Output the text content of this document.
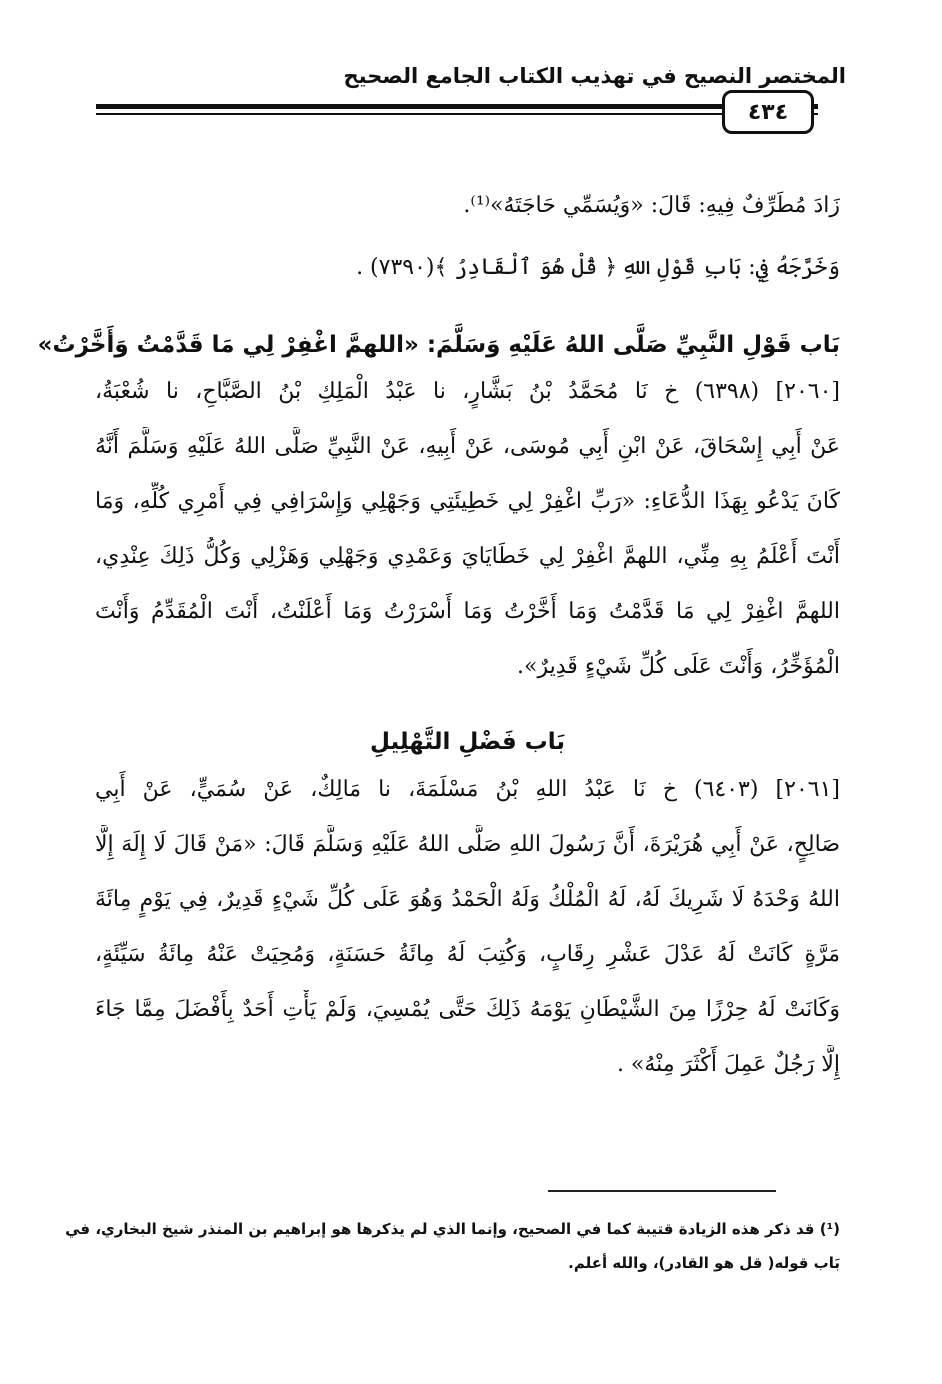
المختصر النصيح في تهذيب الكتاب الجامع الصحيح
٤٣٤
زَادَ مُطَرِّفٌ فِيهِ: قَالَ: «وَيُسَمِّي حَاجَتَهُ»⁽¹⁾.
وَخَرَّجَهُ فِي: بَابِ قَوْلِ اللهِ ﴿ قُلْ هُوَ ٱلْقَادِرُ ﴾(٧٣٩٠) .
بَاب قَوْلِ النَّبِيِّ صَلَّى اللهُ عَلَيْهِ وَسَلَّمَ: «اللهمَّ اغْفِرْ لِي مَا قَدَّمْتُ وَأَخَّرْتُ»
[٢٠٦٠] (٦٣٩٨) خ نَا مُحَمَّدُ بْنُ بَشَّارٍ، نا عَبْدُ الْمَلِكِ بْنُ الصَّبَّاحِ، نا شُعْبَةُ،
عَنْ أَبِي إِسْحَاقَ، عَنْ ابْنِ أَبِي مُوسَى، عَنْ أَبِيهِ، عَنْ النَّبِيِّ صَلَّى اللهُ عَلَيْهِ وَسَلَّمَ أَنَّهُ
كَانَ يَدْعُو بِهَذَا الدُّعَاءِ: «رَبِّ اغْفِرْ لِي خَطِيئَتِي وَجَهْلِي وَإِسْرَافِي فِي أَمْرِي كُلِّهِ، وَمَا
أَنْتَ أَعْلَمُ بِهِ مِنِّي، اللهمَّ اغْفِرْ لِي خَطَايَايَ وَعَمْدِي وَجَهْلِي وَهَزْلِي وَكُلُّ ذَلِكَ عِنْدِي،
اللهمَّ اغْفِرْ لِي مَا قَدَّمْتُ وَمَا أَخَّرْتُ وَمَا أَسْرَرْتُ وَمَا أَعْلَنْتُ، أَنْتَ الْمُقَدِّمُ وَأَنْتَ
الْمُؤَخِّرُ، وَأَنْتَ عَلَى كُلِّ شَيْءٍ قَدِيرٌ».
بَاب فَضْلِ التَّهْلِيلِ
[٢٠٦١] (٦٤٠٣) خ نَا عَبْدُ اللهِ بْنُ مَسْلَمَةَ، نا مَالِكٌ، عَنْ سُمَيٍّ، عَنْ أَبِي
صَالِحٍ، عَنْ أَبِي هُرَيْرَةَ، أَنَّ رَسُولَ اللهِ صَلَّى اللهُ عَلَيْهِ وَسَلَّمَ قَالَ: «مَنْ قَالَ لَا إِلَهَ إِلَّا
اللهُ وَحْدَهُ لَا شَرِيكَ لَهُ، لَهُ الْمُلْكُ وَلَهُ الْحَمْدُ وَهُوَ عَلَى كُلِّ شَيْءٍ قَدِيرٌ، فِي يَوْمٍ مِائَةَ
مَرَّةٍ كَانَتْ لَهُ عَدْلَ عَشْرِ رِقَابٍ، وَكُتِبَ لَهُ مِائَةُ حَسَنَةٍ، وَمُحِيَتْ عَنْهُ مِائَةُ سَيِّئَةٍ،
وَكَانَتْ لَهُ حِرْزًا مِنَ الشَّيْطَانِ يَوْمَهُ ذَلِكَ حَتَّى يُمْسِيَ، وَلَمْ يَأْتِ أَحَدٌ بِأَفْضَلَ مِمَّا جَاءَ
إِلَّا رَجُلٌ عَمِلَ أَكْثَرَ مِنْهُ» .
(¹) قد ذكر هذه الزيادة قتيبة كما في الصحيح، وإنما الذي لم يذكرها هو إبراهيم بن المنذر شيخ البخاري، في
بَاب قوله( قل هو القادر)، والله أعلم.
